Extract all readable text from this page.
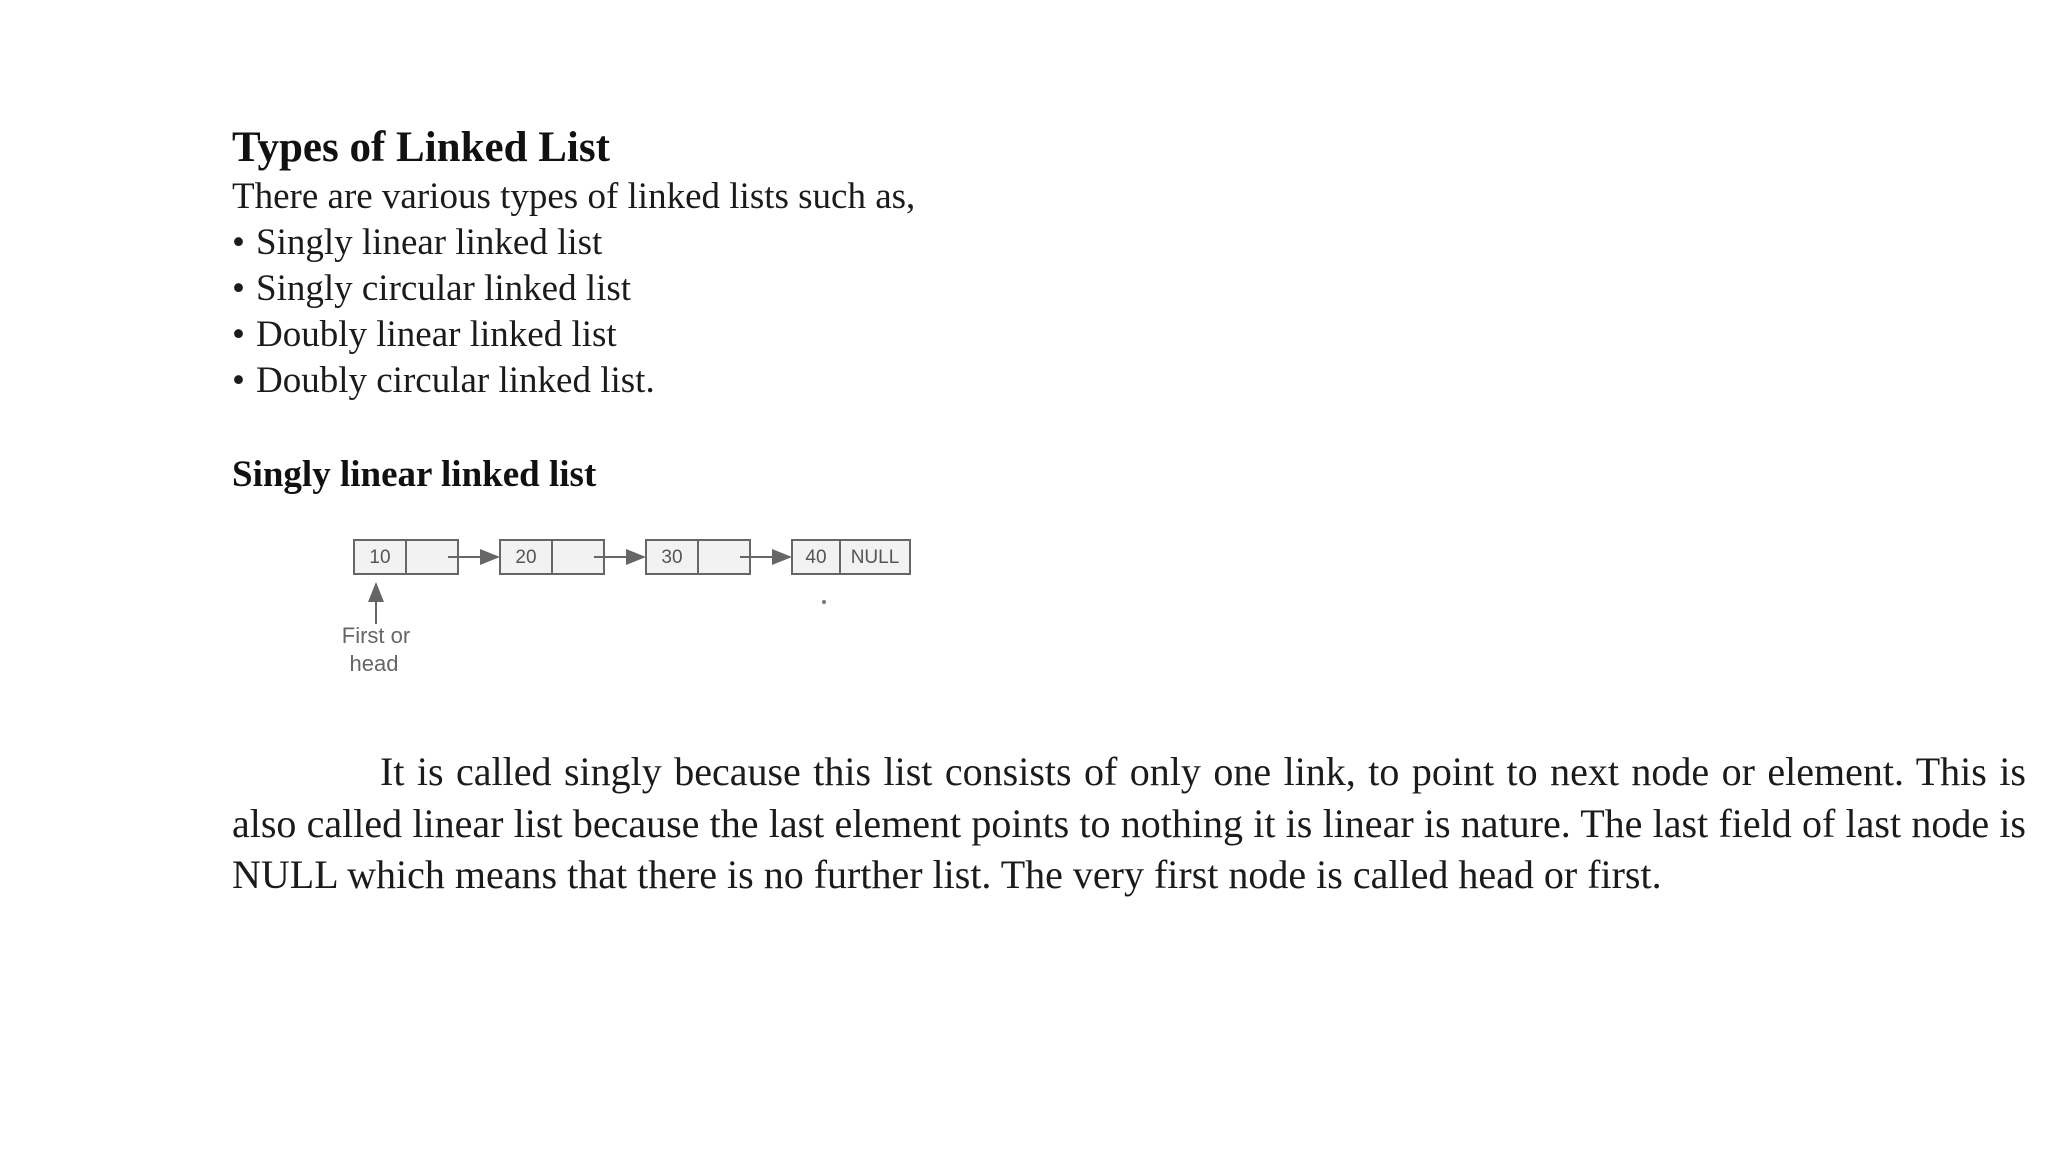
Types of Linked List

There are various types of linked lists such as,

• Singly linear linked list
• Singly circular linked list
• Doubly linear linked list
• Doubly circular linked list.
Singly linear linked list
10	20	30	40 NULL
First or
head

It is called singly because this list consists of only one link, to point to next node or element. This is also called linear list because the last element points to nothing it is linear is nature. The last field of last node is NULL which means that there is no further list. The very first node is called head or first.
